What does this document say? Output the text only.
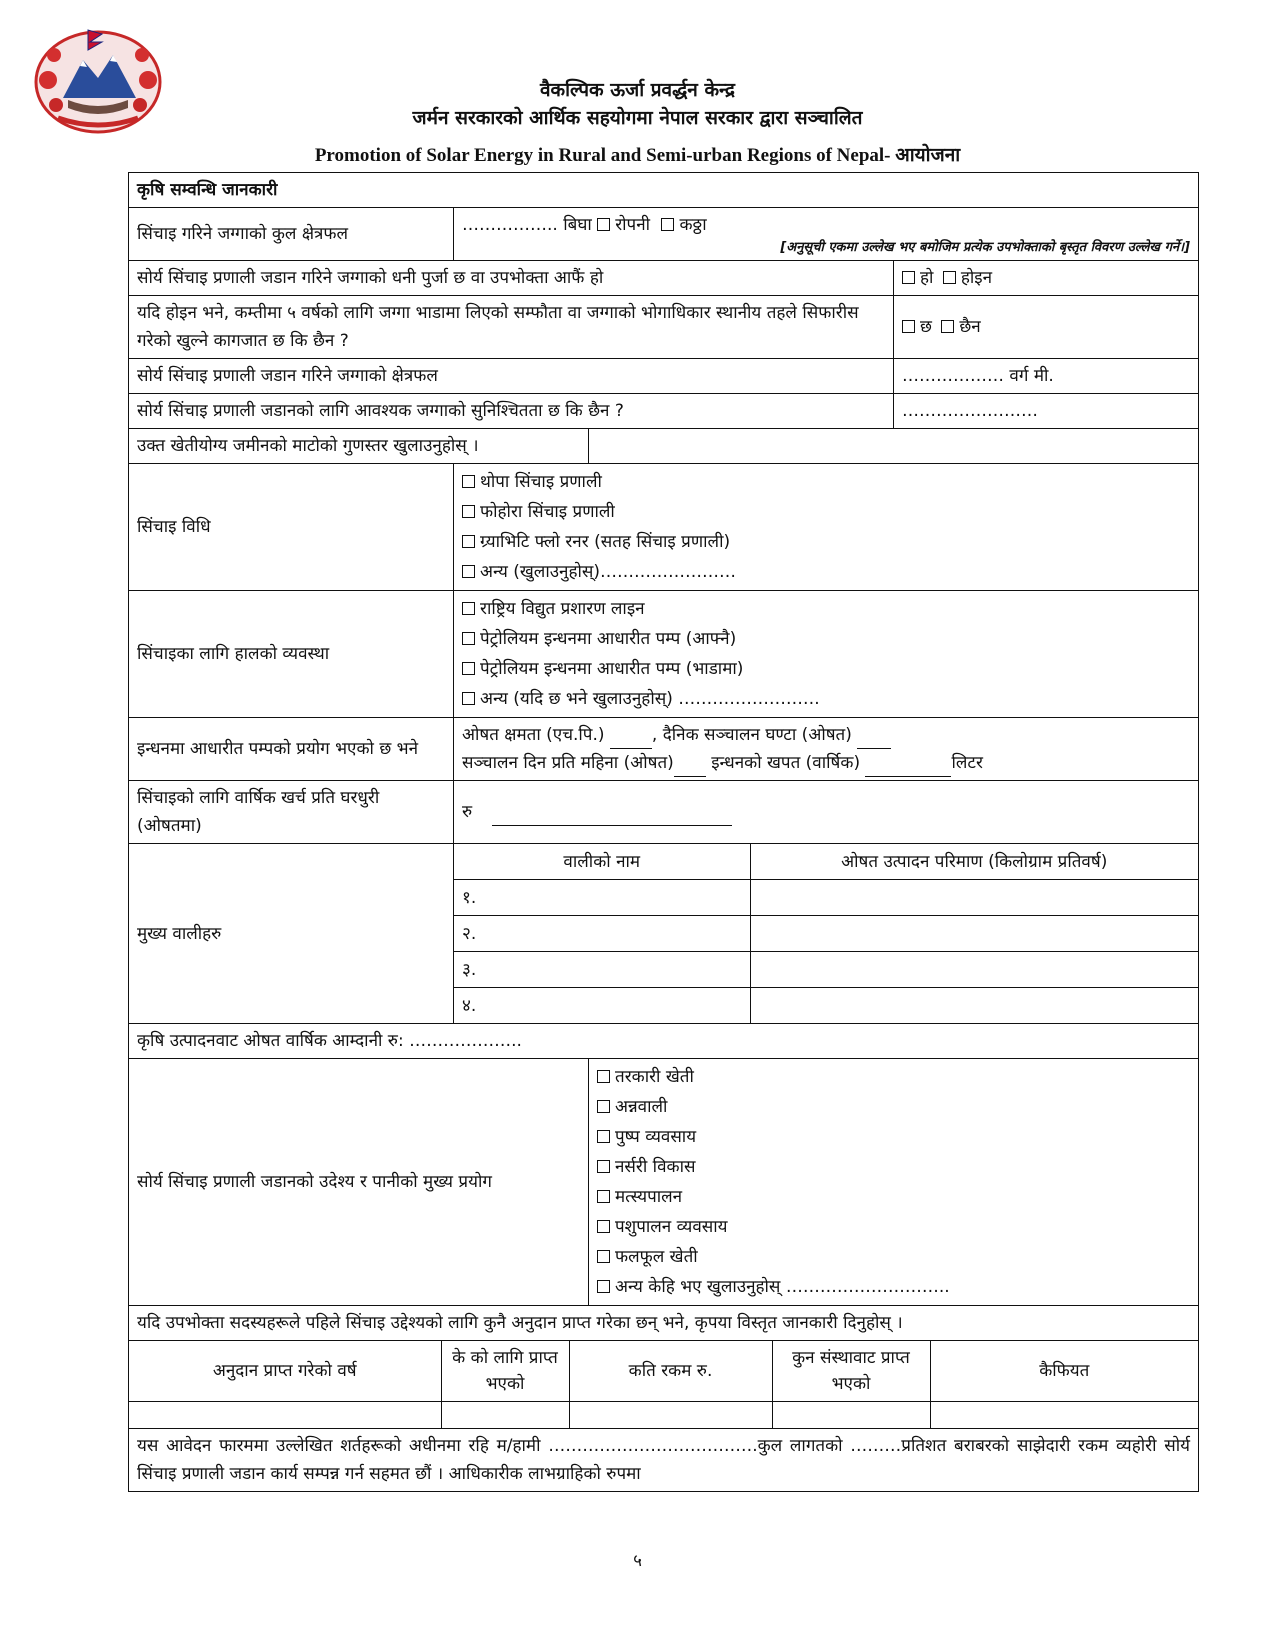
वैकल्पिक ऊर्जा प्रवर्द्धन केन्द्र
जर्मन सरकारको आर्थिक सहयोगमा नेपाल सरकार द्वारा सञ्चालित
Promotion of Solar Energy in Rural and Semi-urban Regions of Nepal- आयोजना
कृषि सम्वन्धि जानकारी
सिंचाइ गरिने जग्गाको कुल क्षेत्रफल	…………….. बिघा रोपनी कठ्ठा
[अनुसूची एकमा उल्लेख भए बमोजिम प्रत्येक उपभोक्ताको बृस्तृत विवरण उल्लेख गर्ने।]

सोर्य सिंचाइ प्रणाली जडान गरिने जग्गाको धनी पुर्जा छ वा उपभोक्ता आफैं हो	हो होइन
यदि होइन भने, कम्तीमा ५ वर्षको लागि जग्गा भाडामा लिएको सम्फौता वा जग्गाको भोगाधिकार स्थानीय तहले सिफारीस गरेको खुल्ने कागजात छ कि छैन ?	छ छैन
सोर्य सिंचाइ प्रणाली जडान गरिने जग्गाको क्षेत्रफल	……………… वर्ग मी.
सोर्य सिंचाइ प्रणाली जडानको लागि आवश्यक जग्गाको सुनिश्चितता छ कि छैन ?	……………………
उक्त खेतीयोग्य जमीनको माटोको गुणस्तर खुलाउनुहोस् ।	
सिंचाइ विधि	
थोपा सिंचाइ प्रणाली
फोहोरा सिंचाइ प्रणाली
ग्र्याभिटि फ्लो रनर (सतह सिंचाइ प्रणाली)
अन्य (खुलाउनुहोस्)……………………

सिंचाइका लागि हालको व्यवस्था	
राष्ट्रिय विद्युत प्रशारण लाइन
पेट्रोलियम इन्धनमा आधारीत पम्प (आफ्नै)
पेट्रोलियम इन्धनमा आधारीत पम्प (भाडामा)
अन्य (यदि छ भने खुलाउनुहोस्) …………………….

इन्धनमा आधारीत पम्पको प्रयोग भएको छ भने	
ओषत क्षमता (एच.पि.)	, दैनिक सञ्चालन घण्टा (ओषत)
सञ्चालन दिन प्रति महिना (ओषत) इन्धनको खपत (वार्षिक)	लिटर

सिंचाइको लागि वार्षिक खर्च प्रति घरधुरी (ओषतमा)	रु
मुख्य वालीहरु	
वालीको नाम	ओषत उत्पादन परिमाण (किलोग्राम प्रतिवर्ष)
१.	
२.	
३.	
४.	

कृषि उत्पादनवाट ओषत वार्षिक आम्दानी रु: ………………..
सोर्य सिंचाइ प्रणाली जडानको उदेश्य र पानीको मुख्य प्रयोग	
तरकारी खेती
अन्नवाली
पुष्प व्यवसाय
नर्सरी विकास
मत्स्यपालन
पशुपालन व्यवसाय
फलफूल खेती
अन्य केहि भए खुलाउनुहोस् ………………………..

यदि उपभोक्ता सदस्यहरूले पहिले सिंचाइ उद्देश्यको लागि कुनै अनुदान प्राप्त गरेका छन् भने, कृपया विस्तृत जानकारी दिनुहोस् ।

अनुदान प्राप्त गरेको वर्ष	के को लागि प्राप्त भएको	कति रकम रु.	कुन संस्थावाट प्राप्त भएको	कैफियत

यस आवेदन फारममा उल्लेखित शर्तहरूको अधीनमा रहि म/हामी ……………………………….कुल लागतको ………प्रतिशत बराबरको साझेदारी रकम व्यहोरी सोर्य सिंचाइ प्रणाली जडान कार्य सम्पन्न गर्न सहमत छौं । आधिकारीक लाभग्राहिको रुपमा
५
